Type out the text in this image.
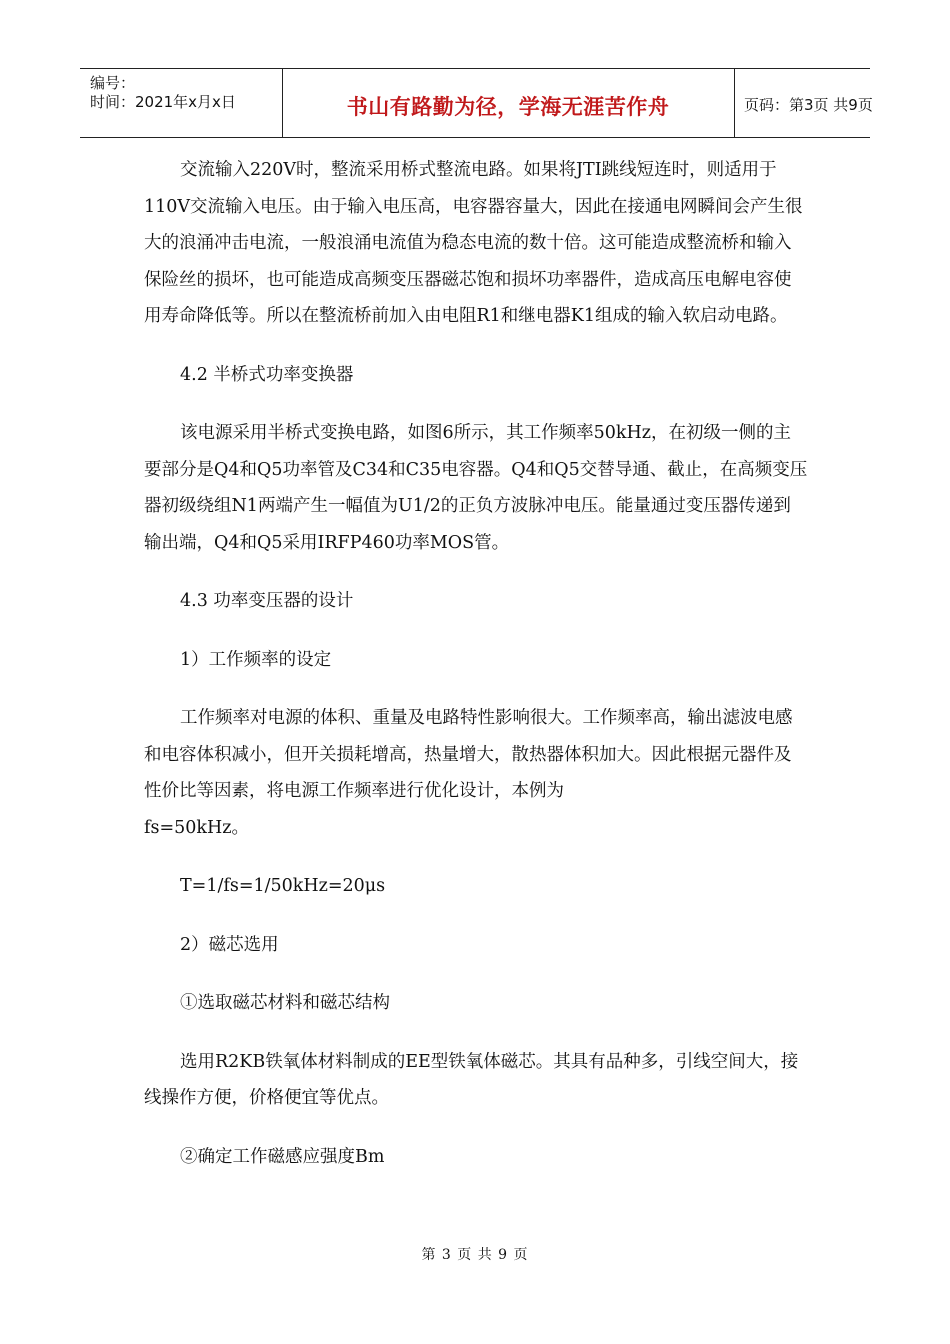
编号：
时间：2021年x月x日	书山有路勤为径，学海无涯苦作舟	页码：第3页 共9页

交流输入220V时，整流采用桥式整流电路。如果将JTI跳线短连时，则适用于110V交流输入电压。由于输入电压高，电容器容量大，因此在接通电网瞬间会产生很大的浪涌冲击电流，一般浪涌电流值为稳态电流的数十倍。这可能造成整流桥和输入保险丝的损坏，也可能造成高频变压器磁芯饱和损坏功率器件，造成高压电解电容使用寿命降低等。所以在整流桥前加入由电阻R1和继电器K1组成的输入软启动电路。

4.2 半桥式功率变换器

该电源采用半桥式变换电路，如图6所示，其工作频率50kHz，在初级一侧的主要部分是Q4和Q5功率管及C34和C35电容器。Q4和Q5交替导通、截止，在高频变压器初级绕组N1两端产生一幅值为U1/2的正负方波脉冲电压。能量通过变压器传递到输出端，Q4和Q5采用IRFP460功率MOS管。

4.3 功率变压器的设计

1）工作频率的设定

工作频率对电源的体积、重量及电路特性影响很大。工作频率高，输出滤波电感和电容体积减小，但开关损耗增高，热量增大，散热器体积加大。因此根据元器件及性价比等因素，将电源工作频率进行优化设计，本例为

fs=50kHz。

T=1/fs=1/50kHz=20μs

2）磁芯选用

①选取磁芯材料和磁芯结构

选用R2KB铁氧体材料制成的EE型铁氧体磁芯。其具有品种多，引线空间大，接线操作方便，价格便宜等优点。

②确定工作磁感应强度Bm

第 3 页 共 9 页
